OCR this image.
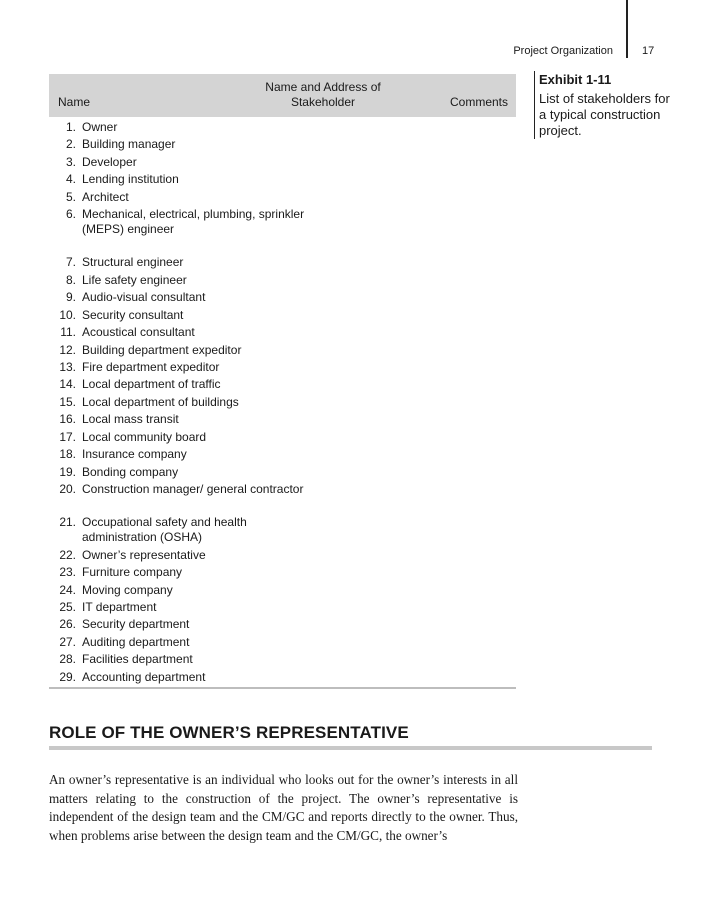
Project Organization	17
Name
Name and Address of Stakeholder	Comments
1. Owner
2. Building manager
3. Developer
4. Lending institution
5. Architect
6. Mechanical, electrical, plumbing, sprinkler (MEPS) engineer
7. Structural engineer
8. Life safety engineer
9. Audio-visual consultant
10. Security consultant
11. Acoustical consultant
12. Building department expeditor
13. Fire department expeditor
14. Local department of traffic
15. Local department of buildings
16. Local mass transit
17. Local community board
18. Insurance company
19. Bonding company
20. Construction manager/ general contractor
21. Occupational safety and health administration (OSHA)
22. Owner’s representative
23. Furniture company
24. Moving company
25. IT department
26. Security department
27. Auditing department
28. Facilities department
29. Accounting department
Exhibit 1-11
List of stakeholders for a typical construction project.
ROLE OF THE OWNER’S REPRESENTATIVE

An owner’s representative is an individual who looks out for the owner’s interests in all matters relating to the construction of the project. The owner’s representative is independent of the design team and the CM/GC and reports directly to the owner. Thus, when problems arise between the design team and the CM/GC, the owner’s
